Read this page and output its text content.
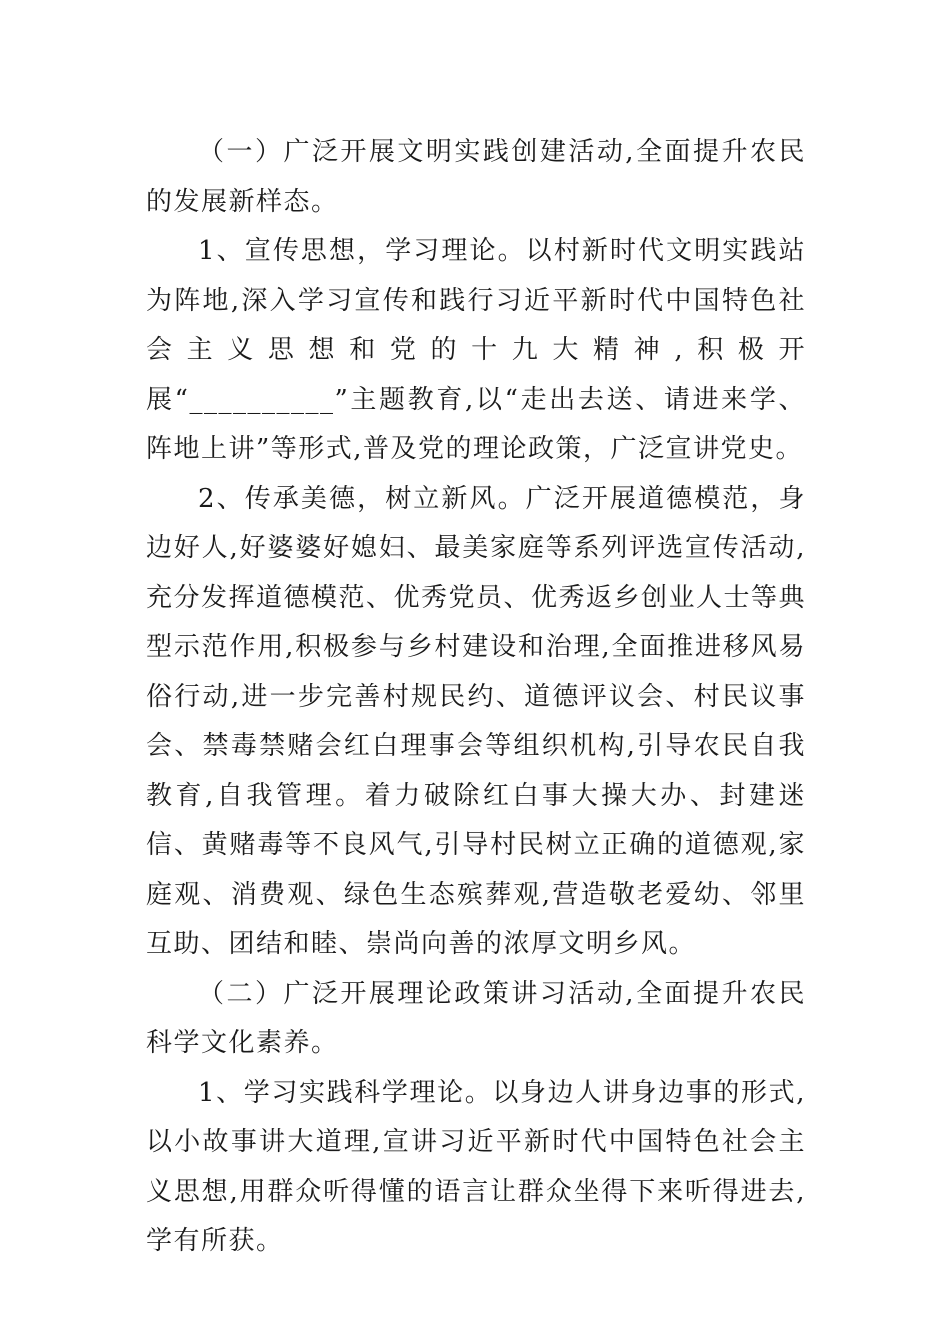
（一）广泛开展文明实践创建活动,全面提升农民的发展新样态。

1、宣传思想，学习理论。以村新时代文明实践站为阵地,深入学习宣传和践行习近平新时代中国特色社会主义思想和党的十九大精神,积极开展“__________”主题教育,以“走出去送、请进来学、阵地上讲”等形式,普及党的理论政策，广泛宣讲党史。

2、传承美德，树立新风。广泛开展道德模范，身边好人,好婆婆好媳妇、最美家庭等系列评选宣传活动,充分发挥道德模范、优秀党员、优秀返乡创业人士等典型示范作用,积极参与乡村建设和治理,全面推进移风易俗行动,进一步完善村规民约、道德评议会、村民议事会、禁毒禁赌会红白理事会等组织机构,引导农民自我教育,自我管理。着力破除红白事大操大办、封建迷信、黄赌毒等不良风气,引导村民树立正确的道德观,家庭观、消费观、绿色生态殡葬观,营造敬老爱幼、邻里互助、团结和睦、崇尚向善的浓厚文明乡风。

（二）广泛开展理论政策讲习活动,全面提升农民科学文化素养。

1、学习实践科学理论。以身边人讲身边事的形式,以小故事讲大道理,宣讲习近平新时代中国特色社会主义思想,用群众听得懂的语言让群众坐得下来听得进去,学有所获。
